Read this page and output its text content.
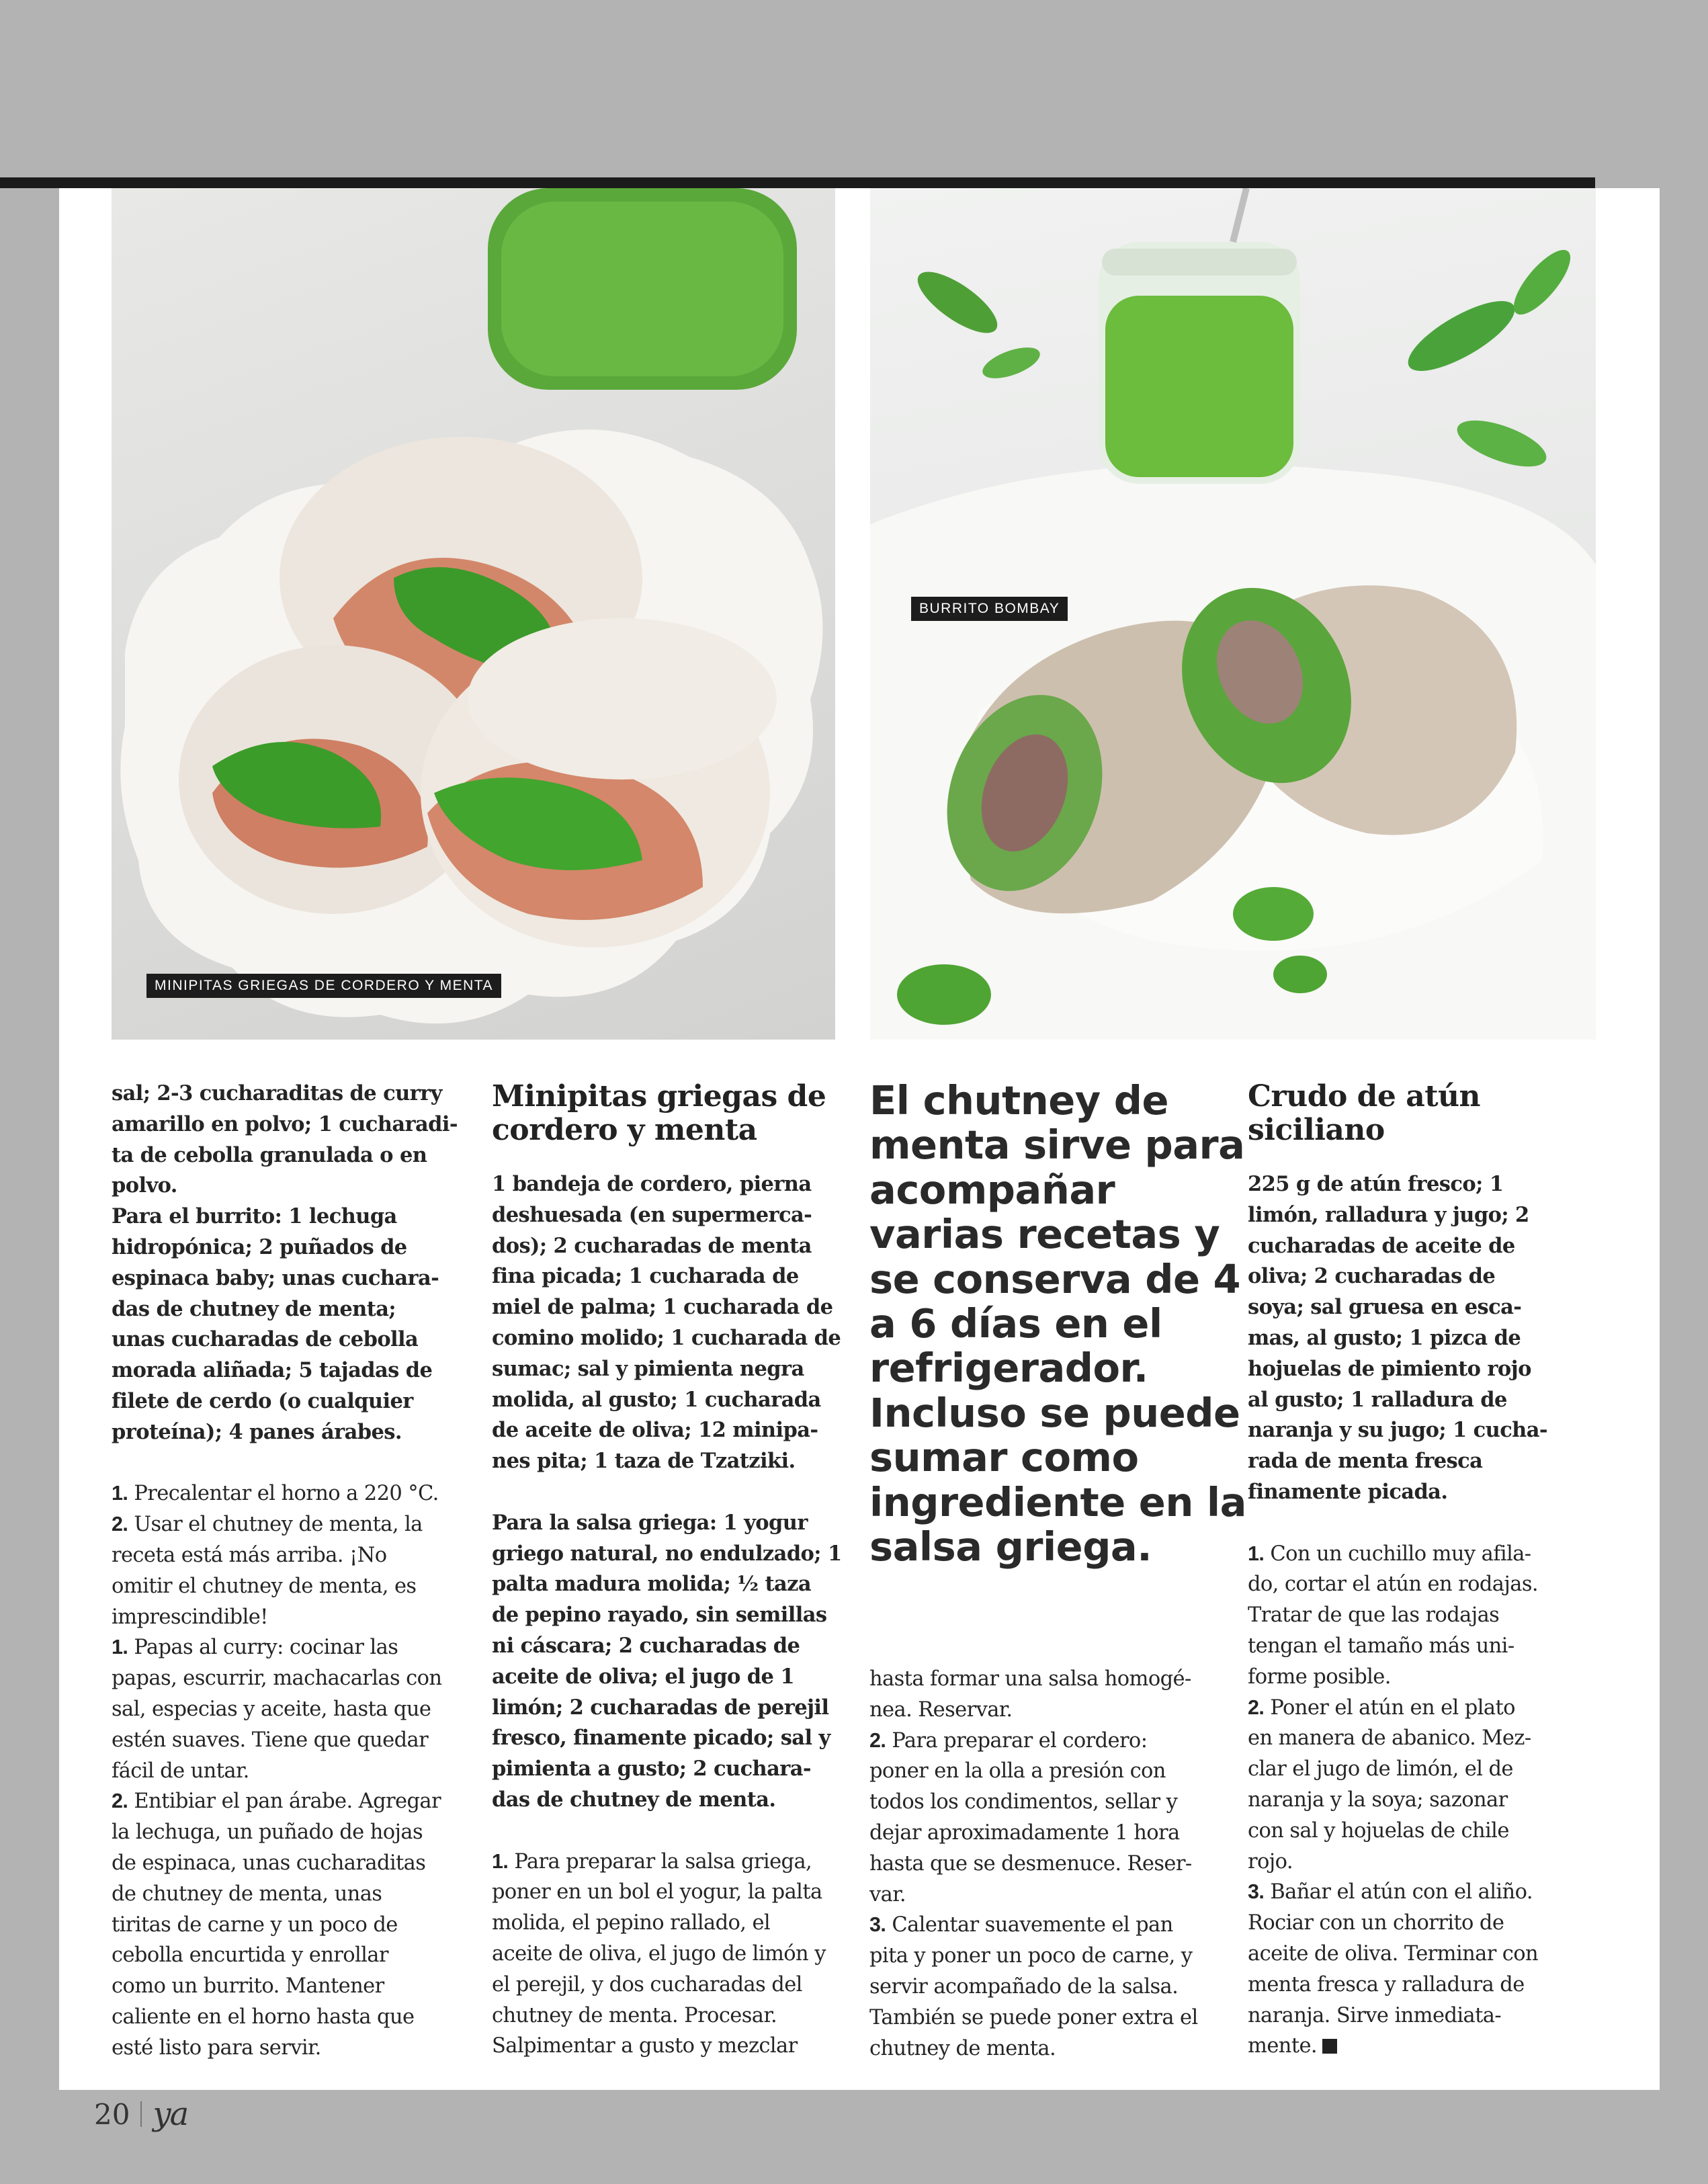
MINIPITAS GRIEGAS DE CORDERO Y MENTA
BURRITO BOMBAY

sal; 2-3 cucharaditas de curry

amarillo en polvo; 1 cucharadi-

ta de cebolla granulada o en

polvo.

Para el burrito: 1 lechuga

hidropónica; 2 puñados de

espinaca baby; unas cuchara-

das de chutney de menta;

unas cucharadas de cebolla

morada aliñada; 5 tajadas de

filete de cerdo (o cualquier

proteína); 4 panes árabes.

1. Precalentar el horno a 220 °C.

2. Usar el chutney de menta, la

receta está más arriba. ¡No

omitir el chutney de menta, es

imprescindible!

1. Papas al curry: cocinar las

papas, escurrir, machacarlas con

sal, especias y aceite, hasta que

estén suaves. Tiene que quedar

fácil de untar.

2. Entibiar el pan árabe. Agregar

la lechuga, un puñado de hojas

de espinaca, unas cucharaditas

de chutney de menta, unas

tiritas de carne y un poco de

cebolla encurtida y enrollar

como un burrito. Mantener

caliente en el horno hasta que

esté listo para servir.

Minipitas griegas de

cordero y menta

1 bandeja de cordero, pierna

deshuesada (en supermerca-

dos); 2 cucharadas de menta

fina picada; 1 cucharada de

miel de palma; 1 cucharada de

comino molido; 1 cucharada de

sumac; sal y pimienta negra

molida, al gusto; 1 cucharada

de aceite de oliva; 12 minipa-

nes pita; 1 taza de Tzatziki.

Para la salsa griega: 1 yogur

griego natural, no endulzado; 1

palta madura molida; ½ taza

de pepino rayado, sin semillas

ni cáscara; 2 cucharadas de

aceite de oliva; el jugo de 1

limón; 2 cucharadas de perejil

fresco, finamente picado; sal y

pimienta a gusto; 2 cuchara-

das de chutney de menta.

1. Para preparar la salsa griega,

poner en un bol el yogur, la palta

molida, el pepino rallado, el

aceite de oliva, el jugo de limón y

el perejil, y dos cucharadas del

chutney de menta. Procesar.

Salpimentar a gusto y mezclar

El chutney de

menta sirve para

acompañar

varias recetas y

se conserva de 4

a 6 días en el

refrigerador.

Incluso se puede

sumar como

ingrediente en la

salsa griega.

hasta formar una salsa homogé-

nea. Reservar.

2. Para preparar el cordero:

poner en la olla a presión con

todos los condimentos, sellar y

dejar aproximadamente 1 hora

hasta que se desmenuce. Reser-

var.

3. Calentar suavemente el pan

pita y poner un poco de carne, y

servir acompañado de la salsa.

También se puede poner extra el

chutney de menta.

Crudo de atún

siciliano

225 g de atún fresco; 1

limón, ralladura y jugo; 2

cucharadas de aceite de

oliva; 2 cucharadas de

soya; sal gruesa en esca-

mas, al gusto; 1 pizca de

hojuelas de pimiento rojo

al gusto; 1 ralladura de

naranja y su jugo; 1 cucha-

rada de menta fresca

finamente picada.

1. Con un cuchillo muy afila-

do, cortar el atún en rodajas.

Tratar de que las rodajas

tengan el tamaño más uni-

forme posible.

2. Poner el atún en el plato

en manera de abanico. Mez-

clar el jugo de limón, el de

naranja y la soya; sazonar

con sal y hojuelas de chile

rojo.

3. Bañar el atún con el aliño.

Rociar con un chorrito de

aceite de oliva. Terminar con

menta fresca y ralladura de

naranja. Sirve inmediata-

mente.

20 ya
